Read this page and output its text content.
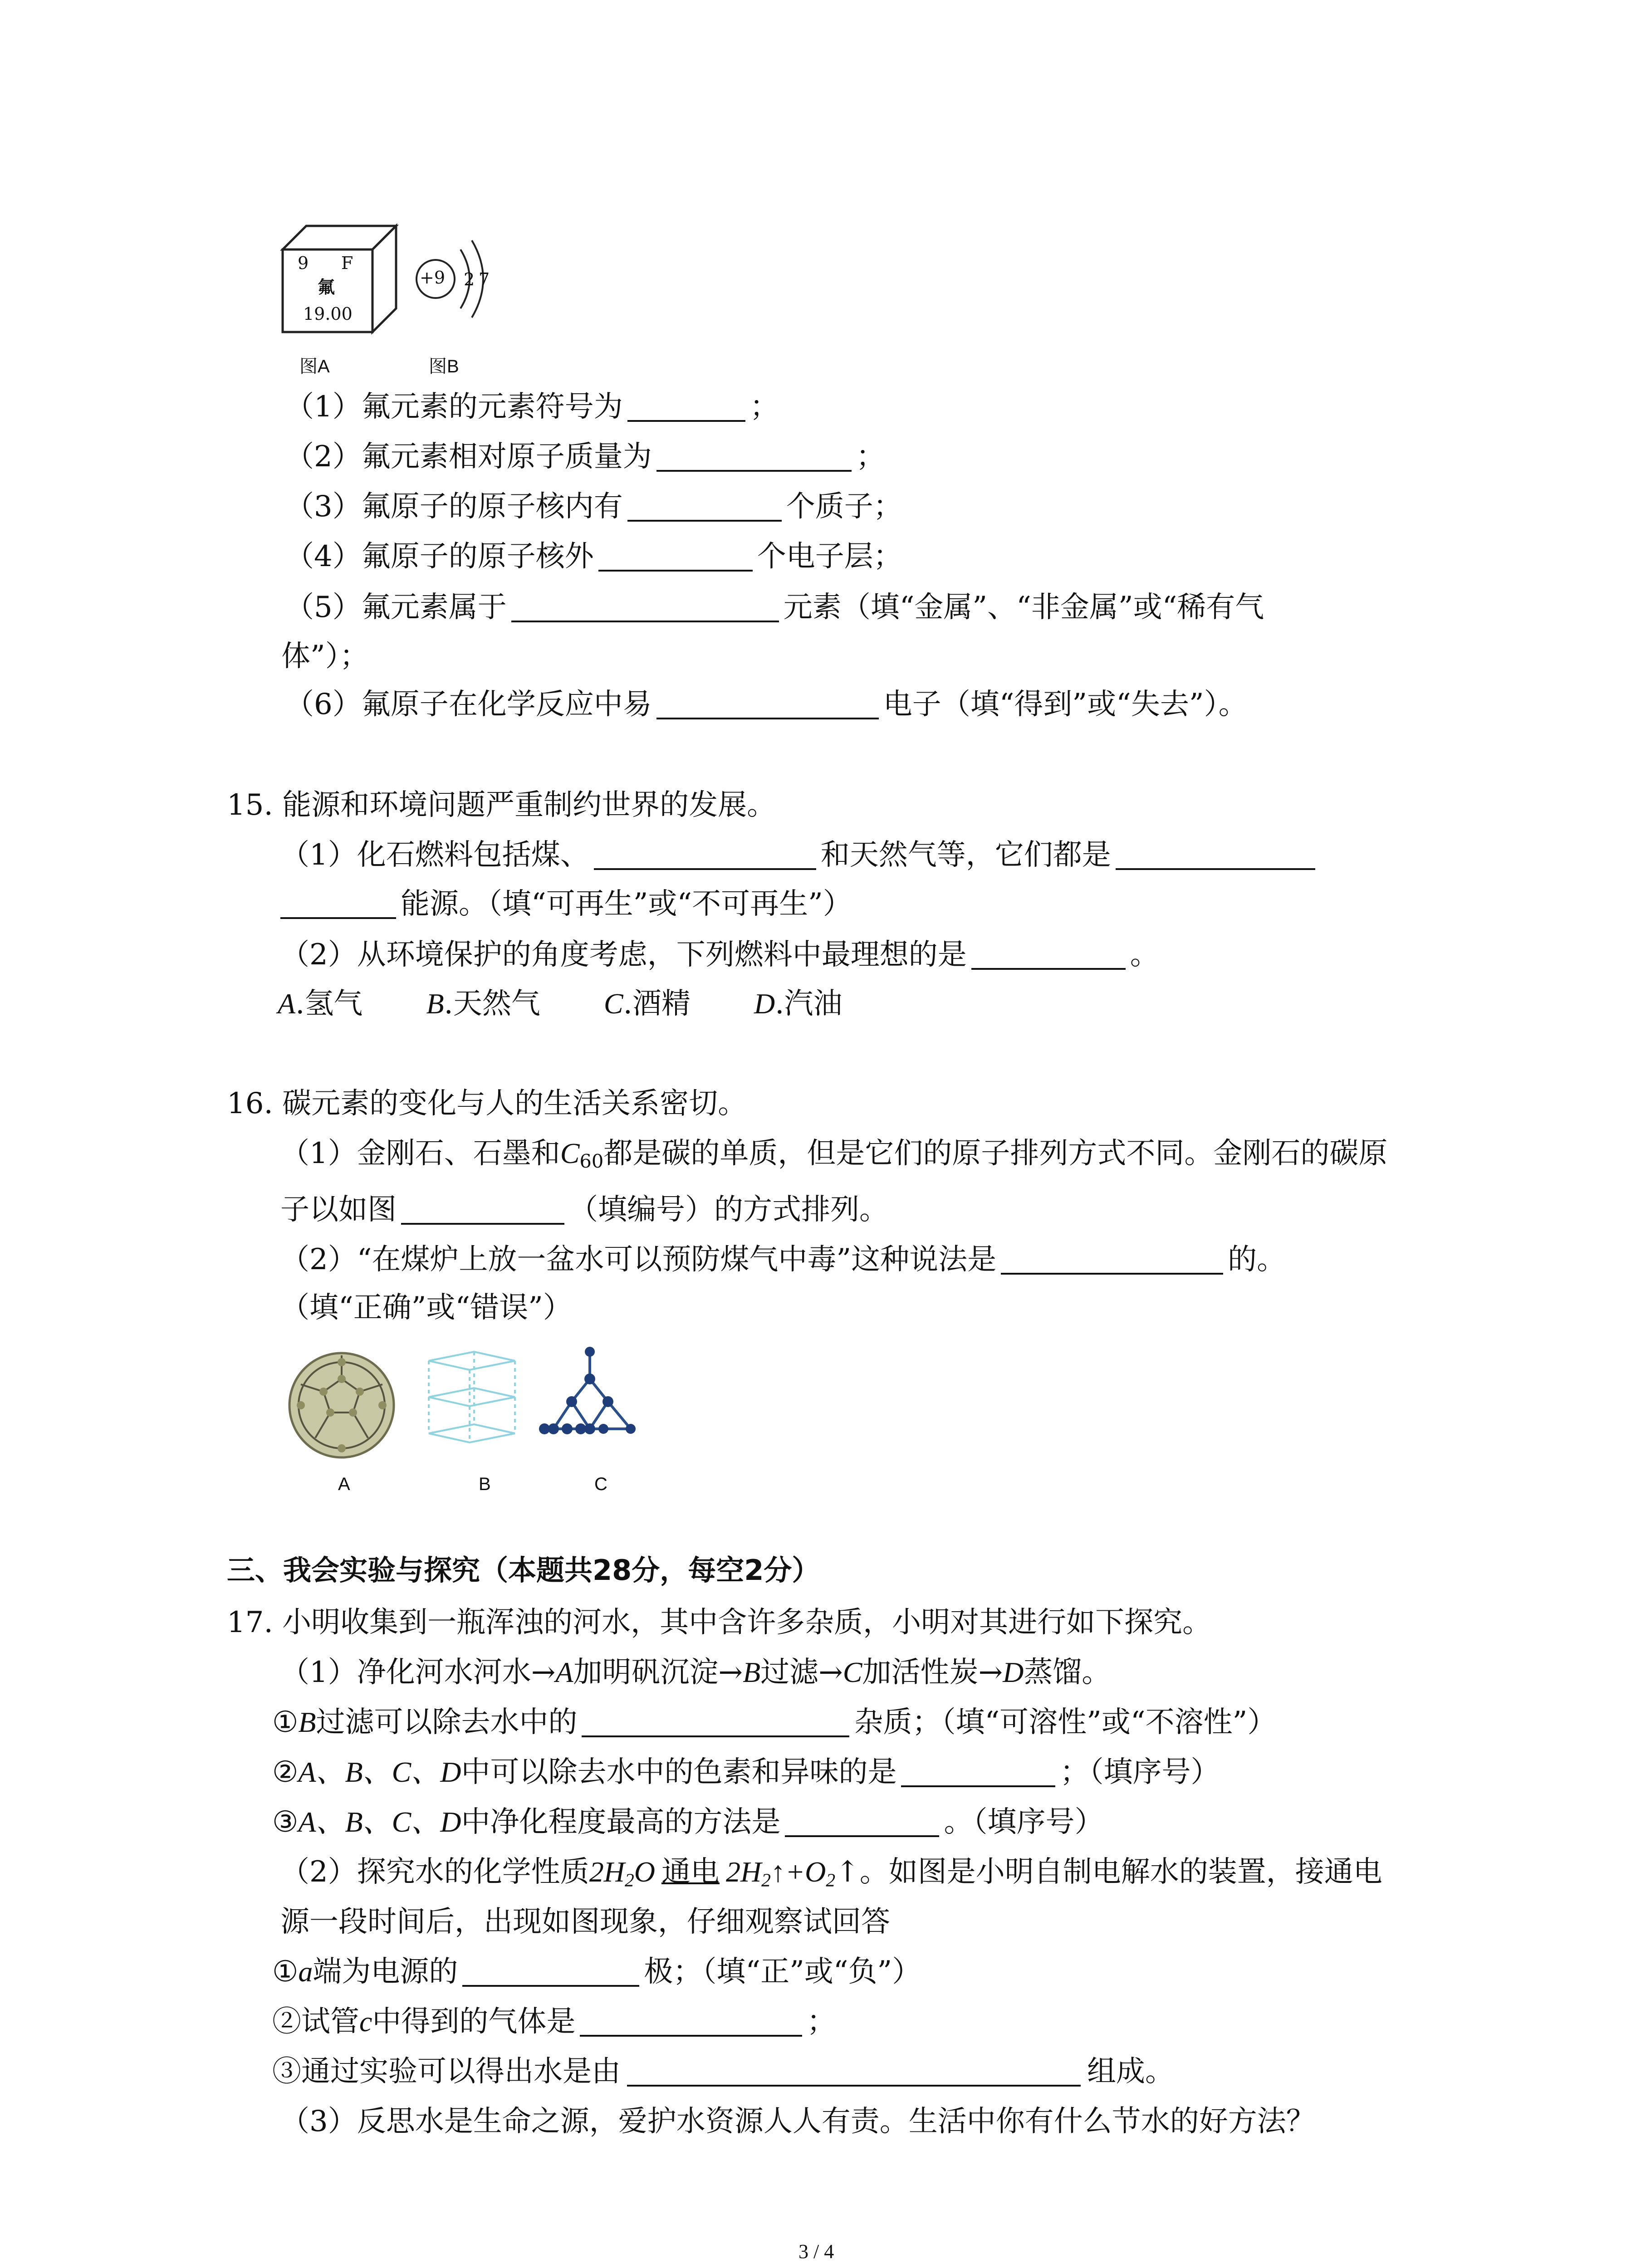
9 F
氟
19.00
+9 2 7
图A	图B
（1）氟元素的元素符号为	；
（2）氟元素相对原子质量为	；
（3）氟原子的原子核内有	个质子；
（4）氟原子的原子核外	个电子层；
（5）氟元素属于	元素（填“金属”、“非金属”或“稀有气
体”）；
（6）氟原子在化学反应中易	电子（填“得到”或“失去”）。
15. 能源和环境问题严重制约世界的发展。
（1）化石燃料包括煤、	和天然气等，它们都是
能源。（填“可再生”或“不可再生”）
（2）从环境保护的角度考虑，下列燃料中最理想的是	。
A.氢气 B.天然气 C.酒精 D.汽油
16. 碳元素的变化与人的生活关系密切。
（1）金刚石、石墨和$C_{60}$都是碳的单质，但是它们的原子排列方式不同。金刚石的碳原
子以如图	（填编号）的方式排列。
（2）“在煤炉上放一盆水可以预防煤气中毒”这种说法是	的。
（填“正确”或“错误”）
A	B	C
三、我会实验与探究（本题共28分，每空2分）
17. 小明收集到一瓶浑浊的河水，其中含许多杂质，小明对其进行如下探究。
（1）净化河水河水→A加明矾沉淀→B过滤→C加活性炭→D蒸馏。
①B过滤可以除去水中的	杂质；（填“可溶性”或“不溶性”）
②A、B、C、D中可以除去水中的色素和异味的是	；（填序号）
③A、B、C、D中净化程度最高的方法是	。（填序号）
（2）探究水的化学性质$2H_2O$ 通电 $2H_2↑+O_2↑$。如图是小明自制电解水的装置，接通电
源一段时间后，出现如图现象，仔细观察试回答
①a端为电源的	极；（填“正”或“负”）
②试管c中得到的气体是	；
③通过实验可以得出水是由	组成。
（3）反思水是生命之源，爱护水资源人人有责。生活中你有什么节水的好方法？
3 / 4
